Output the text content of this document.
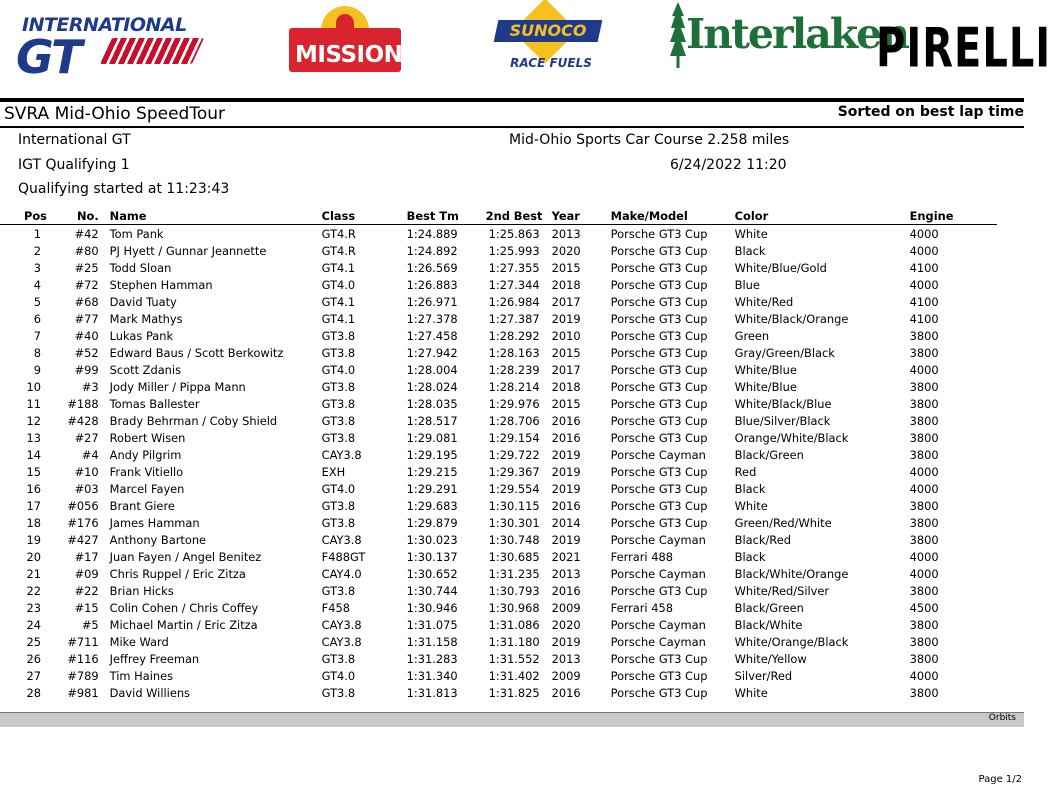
INTERNATIONAL
GT	MISSION
SUNOCO
RACE FUELS
Interlaken
PIRELLI
SVRA Mid-Ohio SpeedTour	Sorted on best lap time
International GT	Mid-Ohio Sports Car Course 2.258 miles
IGT Qualifying 1	6/24/2022 11:20
Qualifying started at 11:23:43
Pos	No.	Name	Class	Best Tm	2nd Best	Year	Make/Model	Color	Engine
1	#42	Tom Pank	GT4.R	1:24.889	1:25.863	2013	Porsche GT3 Cup	White	4000
2	#80	PJ Hyett / Gunnar Jeannette	GT4.R	1:24.892	1:25.993	2020	Porsche GT3 Cup	Black	4000
3	#25	Todd Sloan	GT4.1	1:26.569	1:27.355	2015	Porsche GT3 Cup	White/Blue/Gold	4100
4	#72	Stephen Hamman	GT4.0	1:26.883	1:27.344	2018	Porsche GT3 Cup	Blue	4000
5	#68	David Tuaty	GT4.1	1:26.971	1:26.984	2017	Porsche GT3 Cup	White/Red	4100
6	#77	Mark Mathys	GT4.1	1:27.378	1:27.387	2019	Porsche GT3 Cup	White/Black/Orange	4100
7	#40	Lukas Pank	GT3.8	1:27.458	1:28.292	2010	Porsche GT3 Cup	Green	3800
8	#52	Edward Baus / Scott Berkowitz	GT3.8	1:27.942	1:28.163	2015	Porsche GT3 Cup	Gray/Green/Black	3800
9	#99	Scott Zdanis	GT4.0	1:28.004	1:28.239	2017	Porsche GT3 Cup	White/Blue	4000
10	#3	Jody Miller / Pippa Mann	GT3.8	1:28.024	1:28.214	2018	Porsche GT3 Cup	White/Blue	3800
11	#188	Tomas Ballester	GT3.8	1:28.035	1:29.976	2015	Porsche GT3 Cup	White/Black/Blue	3800
12	#428	Brady Behrman / Coby Shield	GT3.8	1:28.517	1:28.706	2016	Porsche GT3 Cup	Blue/Silver/Black	3800
13	#27	Robert Wisen	GT3.8	1:29.081	1:29.154	2016	Porsche GT3 Cup	Orange/White/Black	3800
14	#4	Andy Pilgrim	CAY3.8	1:29.195	1:29.722	2019	Porsche Cayman	Black/Green	3800
15	#10	Frank Vitiello	EXH	1:29.215	1:29.367	2019	Porsche GT3 Cup	Red	4000
16	#03	Marcel Fayen	GT4.0	1:29.291	1:29.554	2019	Porsche GT3 Cup	Black	4000
17	#056	Brant Giere	GT3.8	1:29.683	1:30.115	2016	Porsche GT3 Cup	White	3800
18	#176	James Hamman	GT3.8	1:29.879	1:30.301	2014	Porsche GT3 Cup	Green/Red/White	3800
19	#427	Anthony Bartone	CAY3.8	1:30.023	1:30.748	2019	Porsche Cayman	Black/Red	3800
20	#17	Juan Fayen / Angel Benitez	F488GT	1:30.137	1:30.685	2021	Ferrari 488	Black	4000
21	#09	Chris Ruppel / Eric Zitza	CAY4.0	1:30.652	1:31.235	2013	Porsche Cayman	Black/White/Orange	4000
22	#22	Brian Hicks	GT3.8	1:30.744	1:30.793	2016	Porsche GT3 Cup	White/Red/Silver	3800
23	#15	Colin Cohen / Chris Coffey	F458	1:30.946	1:30.968	2009	Ferrari 458	Black/Green	4500
24	#5	Michael Martin / Eric Zitza	CAY3.8	1:31.075	1:31.086	2020	Porsche Cayman	Black/White	3800
25	#711	Mike Ward	CAY3.8	1:31.158	1:31.180	2019	Porsche Cayman	White/Orange/Black	3800
26	#116	Jeffrey Freeman	GT3.8	1:31.283	1:31.552	2013	Porsche GT3 Cup	White/Yellow	3800
27	#789	Tim Haines	GT4.0	1:31.340	1:31.402	2009	Porsche GT3 Cup	Silver/Red	4000
28	#981	David Williens	GT3.8	1:31.813	1:31.825	2016	Porsche GT3 Cup	White	3800
Orbits
Page 1/2
